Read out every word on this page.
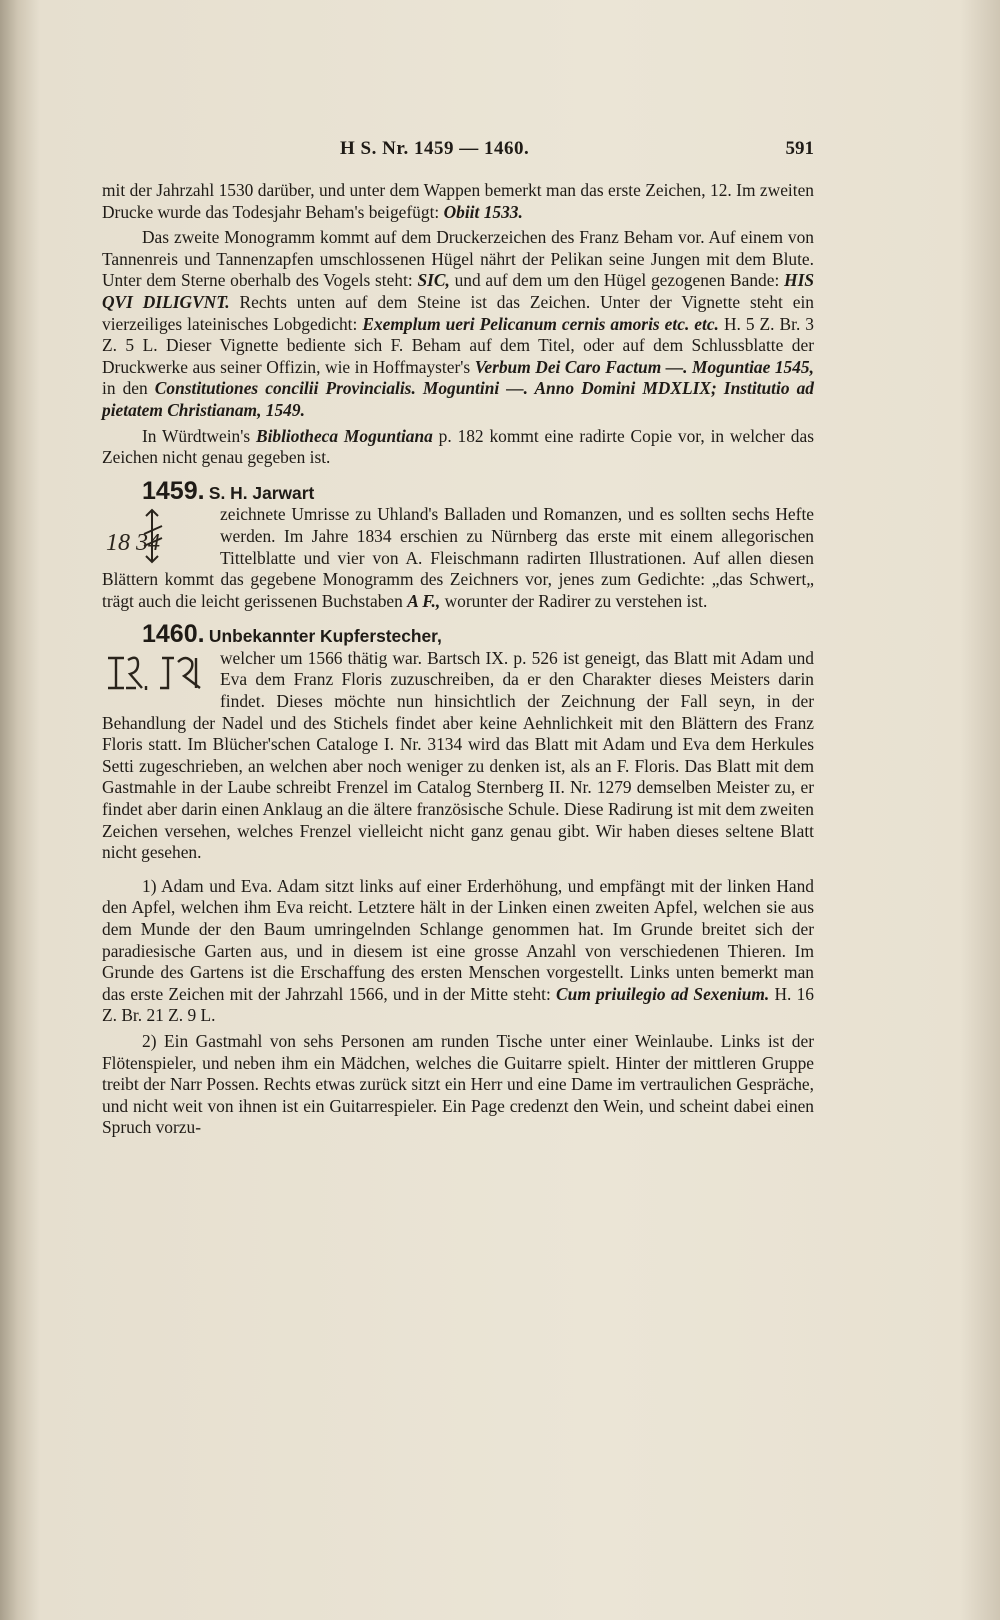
H S. Nr. 1459 — 1460.	591

mit der Jahrzahl 1530 darüber, und unter dem Wappen bemerkt man das erste Zeichen, 12. Im zweiten Drucke wurde das Todesjahr Beham's beigefügt: Obiit 1533.

Das zweite Monogramm kommt auf dem Druckerzeichen des Franz Beham vor. Auf einem von Tannenreis und Tannenzapfen umschlossenen Hügel nährt der Pelikan seine Jungen mit dem Blute. Unter dem Sterne oberhalb des Vogels steht: SIC, und auf dem um den Hügel gezogenen Bande: HIS QVI DILIGVNT. Rechts unten auf dem Steine ist das Zeichen. Unter der Vignette steht ein vierzeiliges lateinisches Lobgedicht: Exemplum ueri Pelicanum cernis amoris etc. etc. H. 5 Z. Br. 3 Z. 5 L. Dieser Vignette bediente sich F. Beham auf dem Titel, oder auf dem Schlussblatte der Druckwerke aus seiner Offizin, wie in Hoffmayster's Verbum Dei Caro Factum —. Moguntiae 1545, in den Constitutiones concilii Provincialis. Moguntini —. Anno Domini MDXLIX; Institutio ad pietatem Christianam, 1549.

In Würdtwein's Bibliotheca Moguntiana p. 182 kommt eine radirte Copie vor, in welcher das Zeichen nicht genau gegeben ist.

1459. S. H. Jarwart

18 34

zeichnete Umrisse zu Uhland's Balladen und Romanzen, und es sollten sechs Hefte werden. Im Jahre 1834 erschien zu Nürnberg das erste mit einem allegorischen Tittelblatte und vier von A. Fleischmann radirten Illustrationen. Auf allen diesen Blättern kommt das gegebene Monogramm des Zeichners vor, jenes zum Gedichte: „das Schwert„ trägt auch die leicht gerissenen Buchstaben A F., worunter der Radirer zu verstehen ist.

1460. Unbekannter Kupferstecher,

welcher um 1566 thätig war. Bartsch IX. p. 526 ist geneigt, das Blatt mit Adam und Eva dem Franz Floris zuzuschreiben, da er den Charakter dieses Meisters darin findet. Dieses möchte nun hinsichtlich der Zeichnung der Fall seyn, in der Behandlung der Nadel und des Stichels findet aber keine Aehnlichkeit mit den Blättern des Franz Floris statt. Im Blücher'schen Cataloge I. Nr. 3134 wird das Blatt mit Adam und Eva dem Herkules Setti zugeschrieben, an welchen aber noch weniger zu denken ist, als an F. Floris. Das Blatt mit dem Gastmahle in der Laube schreibt Frenzel im Catalog Sternberg II. Nr. 1279 demselben Meister zu, er findet aber darin einen Anklaug an die ältere französische Schule. Diese Radirung ist mit dem zweiten Zeichen versehen, welches Frenzel vielleicht nicht ganz genau gibt. Wir haben dieses seltene Blatt nicht gesehen.

1) Adam und Eva. Adam sitzt links auf einer Erderhöhung, und empfängt mit der linken Hand den Apfel, welchen ihm Eva reicht. Letztere hält in der Linken einen zweiten Apfel, welchen sie aus dem Munde der den Baum umringelnden Schlange genommen hat. Im Grunde breitet sich der paradiesische Garten aus, und in diesem ist eine grosse Anzahl von verschiedenen Thieren. Im Grunde des Gartens ist die Erschaffung des ersten Menschen vorgestellt. Links unten bemerkt man das erste Zeichen mit der Jahrzahl 1566, und in der Mitte steht: Cum priuilegio ad Sexenium. H. 16 Z. Br. 21 Z. 9 L.

2) Ein Gastmahl von sehs Personen am runden Tische unter einer Weinlaube. Links ist der Flötenspieler, und neben ihm ein Mädchen, welches die Guitarre spielt. Hinter der mittleren Gruppe treibt der Narr Possen. Rechts etwas zurück sitzt ein Herr und eine Dame im vertraulichen Gespräche, und nicht weit von ihnen ist ein Guitarrespieler. Ein Page credenzt den Wein, und scheint dabei einen Spruch vorzu-
